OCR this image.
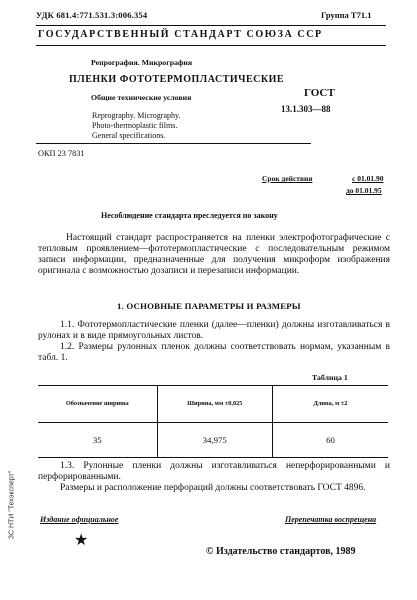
УДК 681.4:771.531.3:006.354	Группа Т71.1
ГОСУДАРСТВЕННЫЙ СТАНДАРТ СОЮЗА ССР
Репрография. Микрография
ПЛЕНКИ ФОТОТЕРМОПЛАСТИЧЕСКИЕ
Общие технические условия
Reprography. Micrography.
Photo-thermoplastic films.
General specifications.
ГОСТ
13.1.303—88
ОКП 23 7831
Срок действия	с 01.01.90
до 01.01.95
Несоблюдение стандарта преследуется по закону
Настоящий стандарт распространяется на пленки электрофотографические с тепловым проявлением—фототермопластические с последовательным режимом записи информации, предназначенные для получения микроформ изображения оригинала с возможностью дозаписи и перезаписи информации.
1. ОСНОВНЫЕ ПАРАМЕТРЫ И РАЗМЕРЫ
1.1. Фототермопластические пленки (далее—пленки) должны изготавливаться в рулонах и в виде прямоугольных листов.
1.2. Размеры рулонных пленок должны соответствовать нормам, указанным в табл. 1.
Таблица 1
Обозначение ширины	Ширина, мм ±0,025	Длина, м ±2
35	34,975	60
1.3. Рулонные пленки должны изготавливаться неперфорированными и перфорированными.
Размеры и расположение перфораций должны соответствовать ГОСТ 4896.
ЗС НТИ "Техэксперт"	Издание официальное	Перепечатка воспрещена
★
© Издательство стандартов, 1989
